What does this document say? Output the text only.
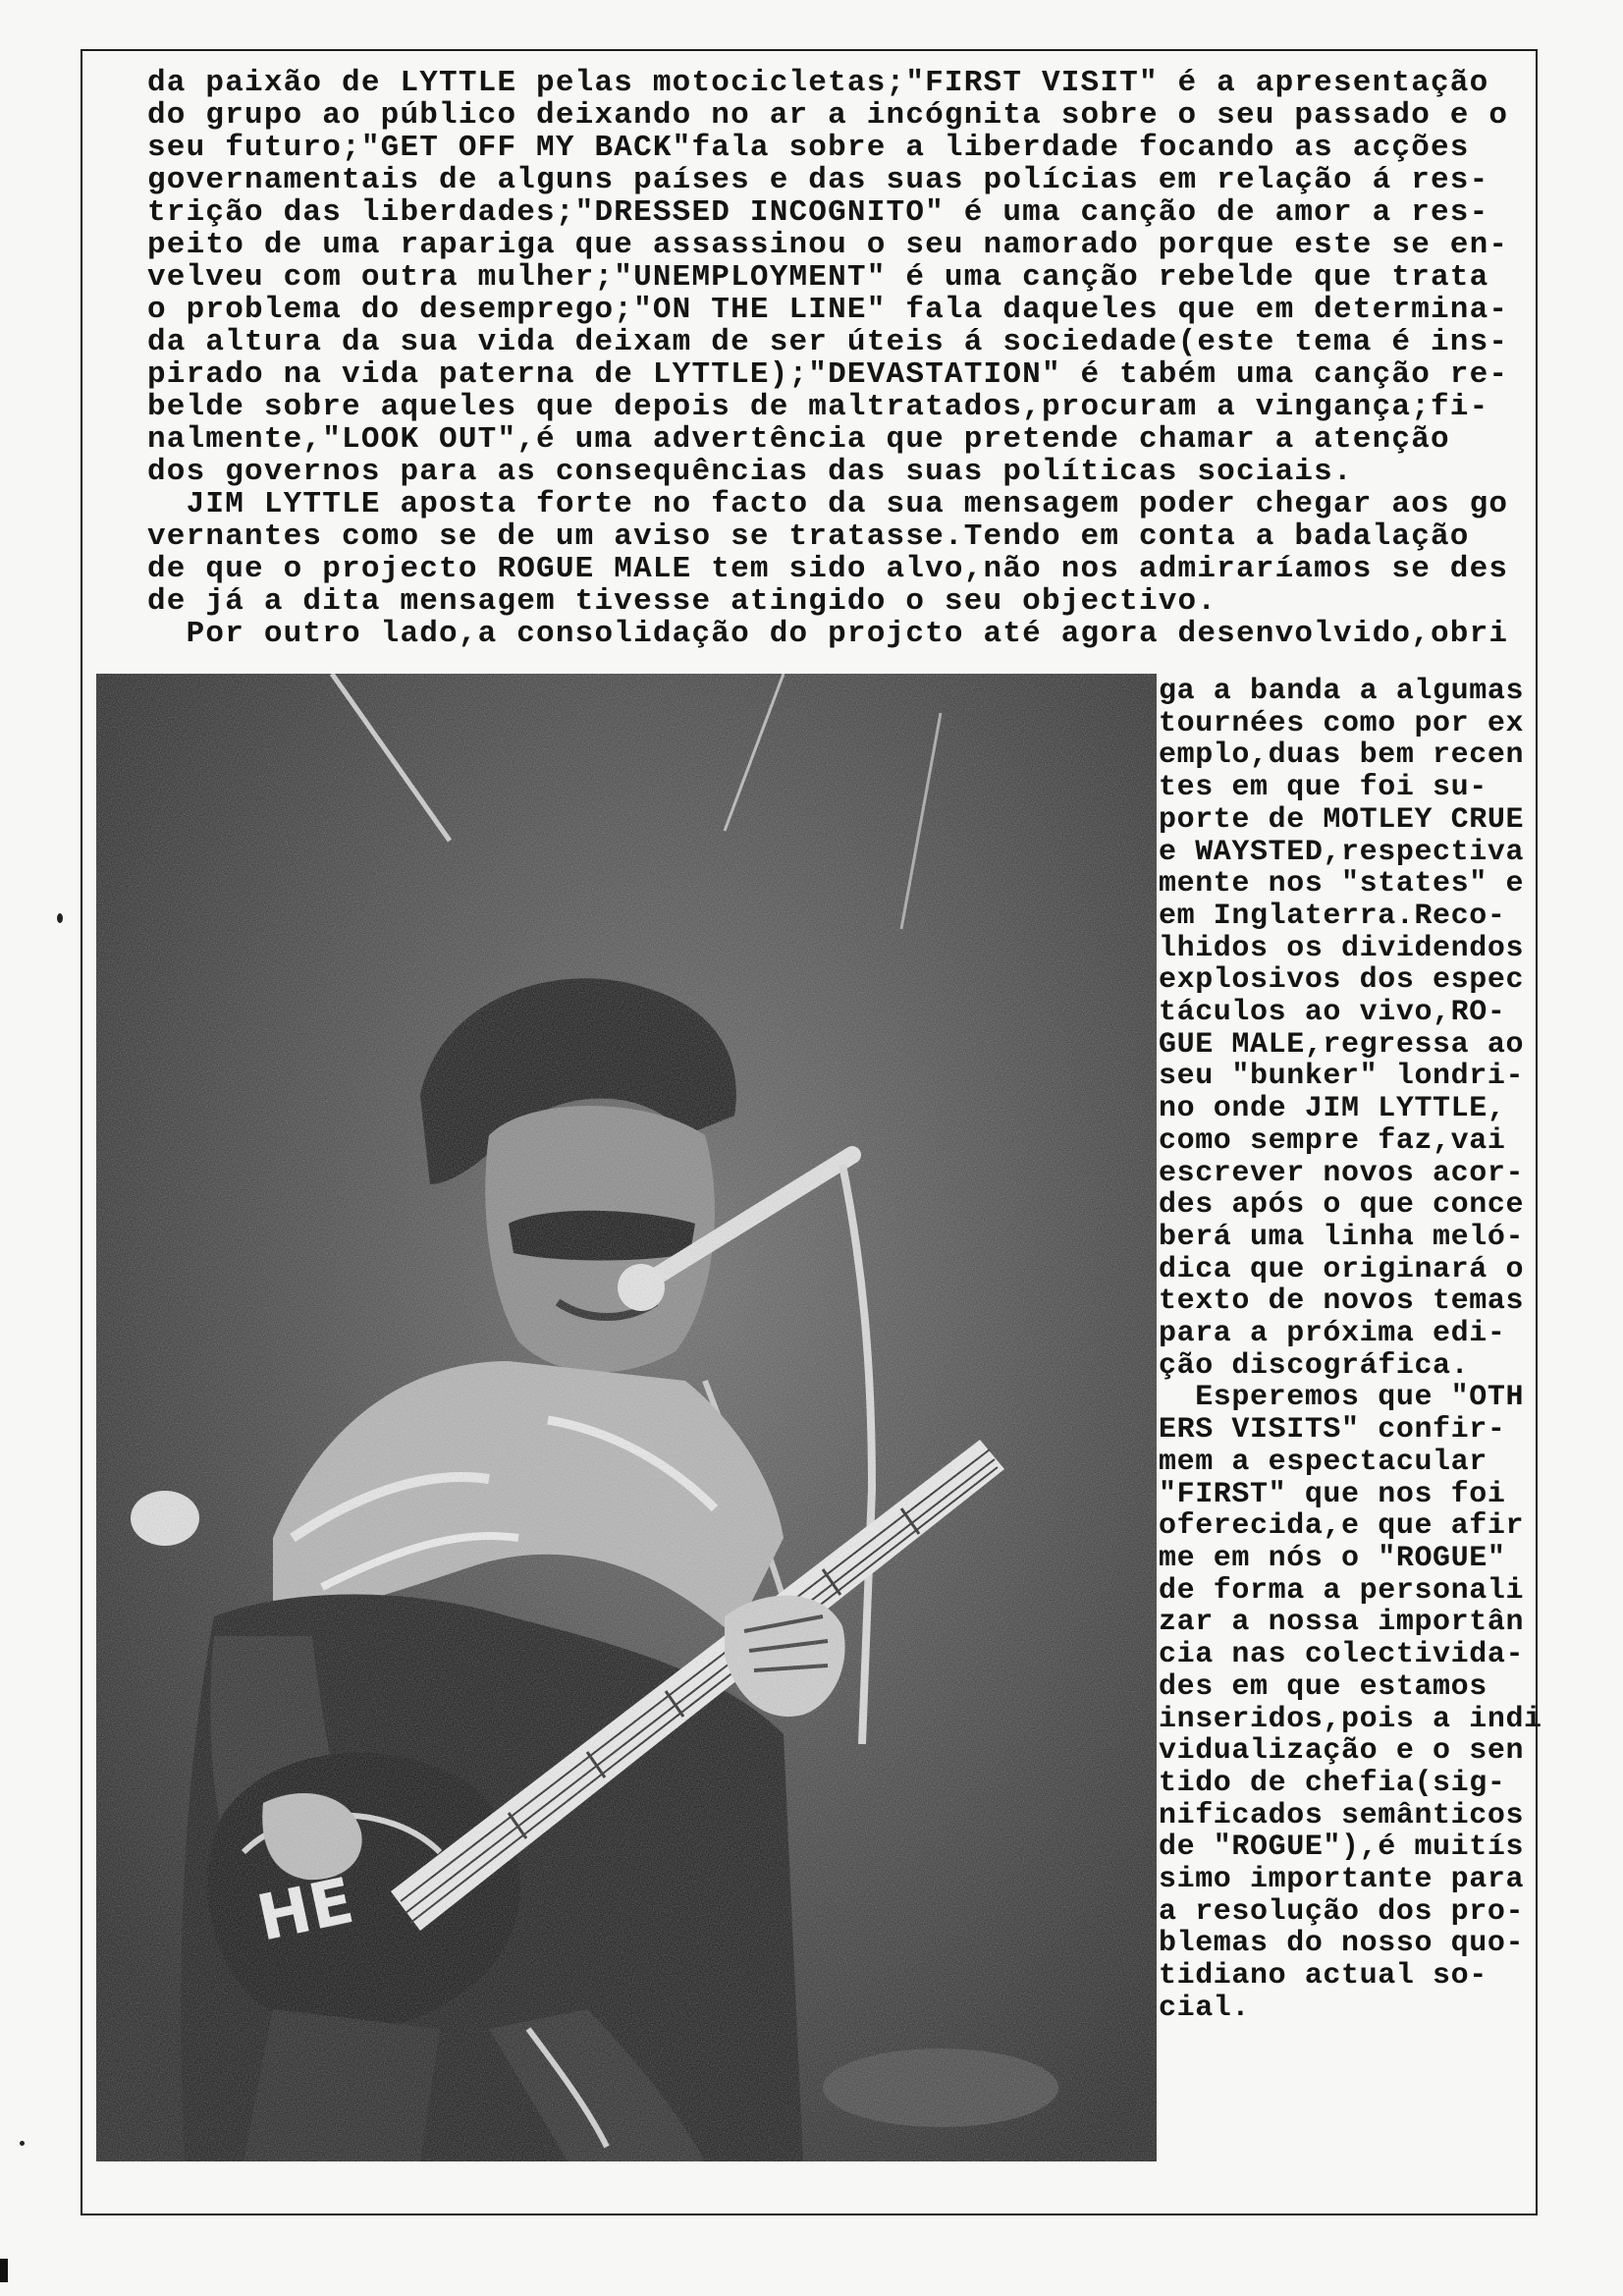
da paixão de LYTTLE pelas motocicletas;"FIRST VISIT" é a apresentação
do grupo ao público deixando no ar a incógnita sobre o seu passado e o
seu futuro;"GET OFF MY BACK"fala sobre a liberdade focando as acções
governamentais de alguns países e das suas polícias em relação á res-
trição das liberdades;"DRESSED INCOGNITO" é uma canção de amor a res-
peito de uma rapariga que assassinou o seu namorado porque este se en-
velveu com outra mulher;"UNEMPLOYMENT" é uma canção rebelde que trata
o problema do desemprego;"ON THE LINE" fala daqueles que em determina-
da altura da sua vida deixam de ser úteis á sociedade(este tema é ins-
pirado na vida paterna de LYTTLE);"DEVASTATION" é tabém uma canção re-
belde sobre aqueles que depois de maltratados,procuram a vingança;fi-
nalmente,"LOOK OUT",é uma advertência que pretende chamar a atenção
dos governos para as consequências das suas políticas sociais.
JIM LYTTLE aposta forte no facto da sua mensagem poder chegar aos go
vernantes como se de um aviso se tratasse.Tendo em conta a badalação
de que o projecto ROGUE MALE tem sido alvo,não nos admiraríamos se des
de já a dita mensagem tivesse atingido o seu objectivo.
Por outro lado,a consolidação do projcto até agora desenvolvido,obri
ga a banda a algumas
tournées como por ex
emplo,duas bem recen
tes em que foi su-
porte de MOTLEY CRUE
e WAYSTED,respectiva
mente nos "states" e
em Inglaterra.Reco-
lhidos os dividendos
explosivos dos espec
táculos ao vivo,RO-
GUE MALE,regressa ao
seu "bunker" londri-
no onde JIM LYTTLE,
como sempre faz,vai
escrever novos acor-
des após o que conce
berá uma linha meló-
dica que originará o
texto de novos temas
para a próxima edi-
ção discográfica.
Esperemos que "OTH
ERS VISITS" confir-
mem a espectacular
"FIRST" que nos foi
oferecida,e que afir
me em nós o "ROGUE"
de forma a personali
zar a nossa importân
cia nas colectivida-
des em que estamos
inseridos,pois a indi
vidualização e o sen
tido de chefia(sig-
nificados semânticos
de "ROGUE"),é muitís
simo importante para
a resolução dos pro-
blemas do nosso quo-
tidiano actual so-
cial.
